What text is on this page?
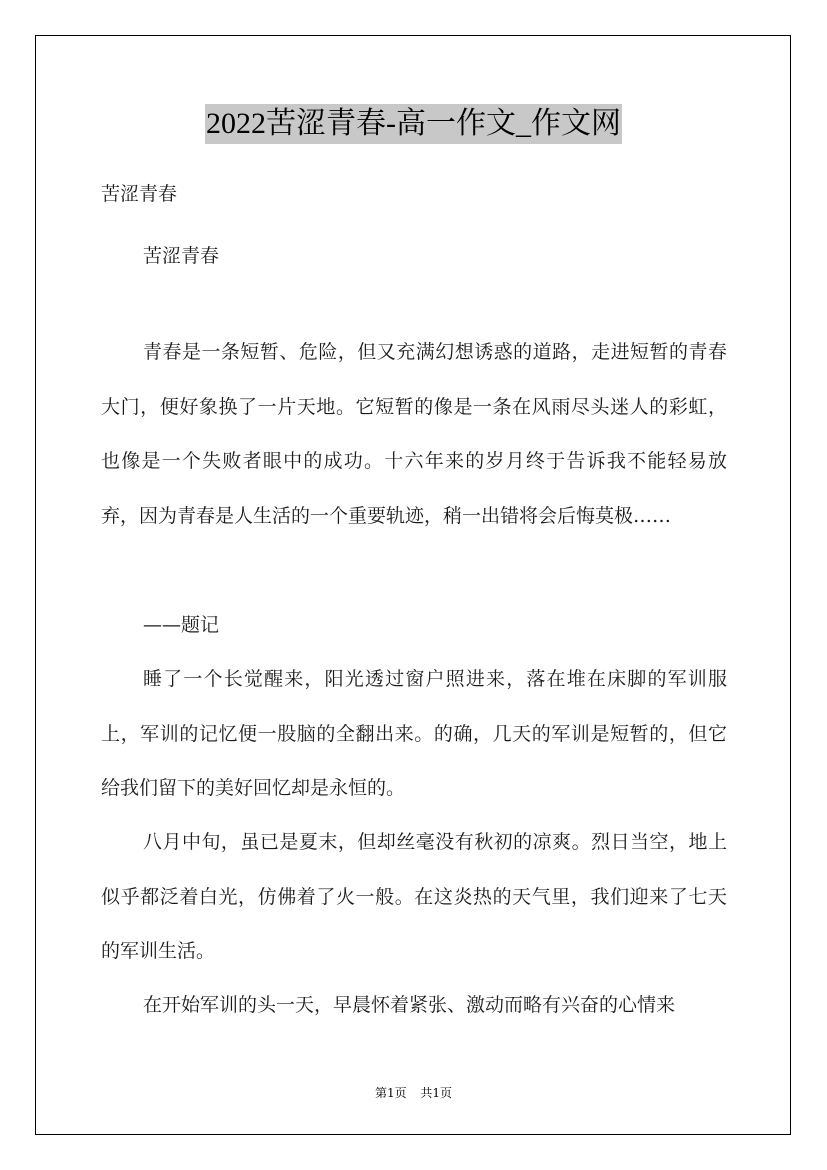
2022苦涩青春-高一作文_作文网

苦涩青春

苦涩青春

青春是一条短暂、危险，但又充满幻想诱惑的道路，走进短暂的青春大门，便好象换了一片天地。它短暂的像是一条在风雨尽头迷人的彩虹，也像是一个失败者眼中的成功。十六年来的岁月终于告诉我不能轻易放弃，因为青春是人生活的一个重要轨迹，稍一出错将会后悔莫极……

——题记

睡了一个长觉醒来，阳光透过窗户照进来，落在堆在床脚的军训服上，军训的记忆便一股脑的全翻出来。的确，几天的军训是短暂的，但它给我们留下的美好回忆却是永恒的。

八月中旬，虽已是夏末，但却丝毫没有秋初的凉爽。烈日当空，地上似乎都泛着白光，仿佛着了火一般。在这炎热的天气里，我们迎来了七天的军训生活。

在开始军训的头一天，早晨怀着紧张、激动而略有兴奋的心情来

第1页 共1页
